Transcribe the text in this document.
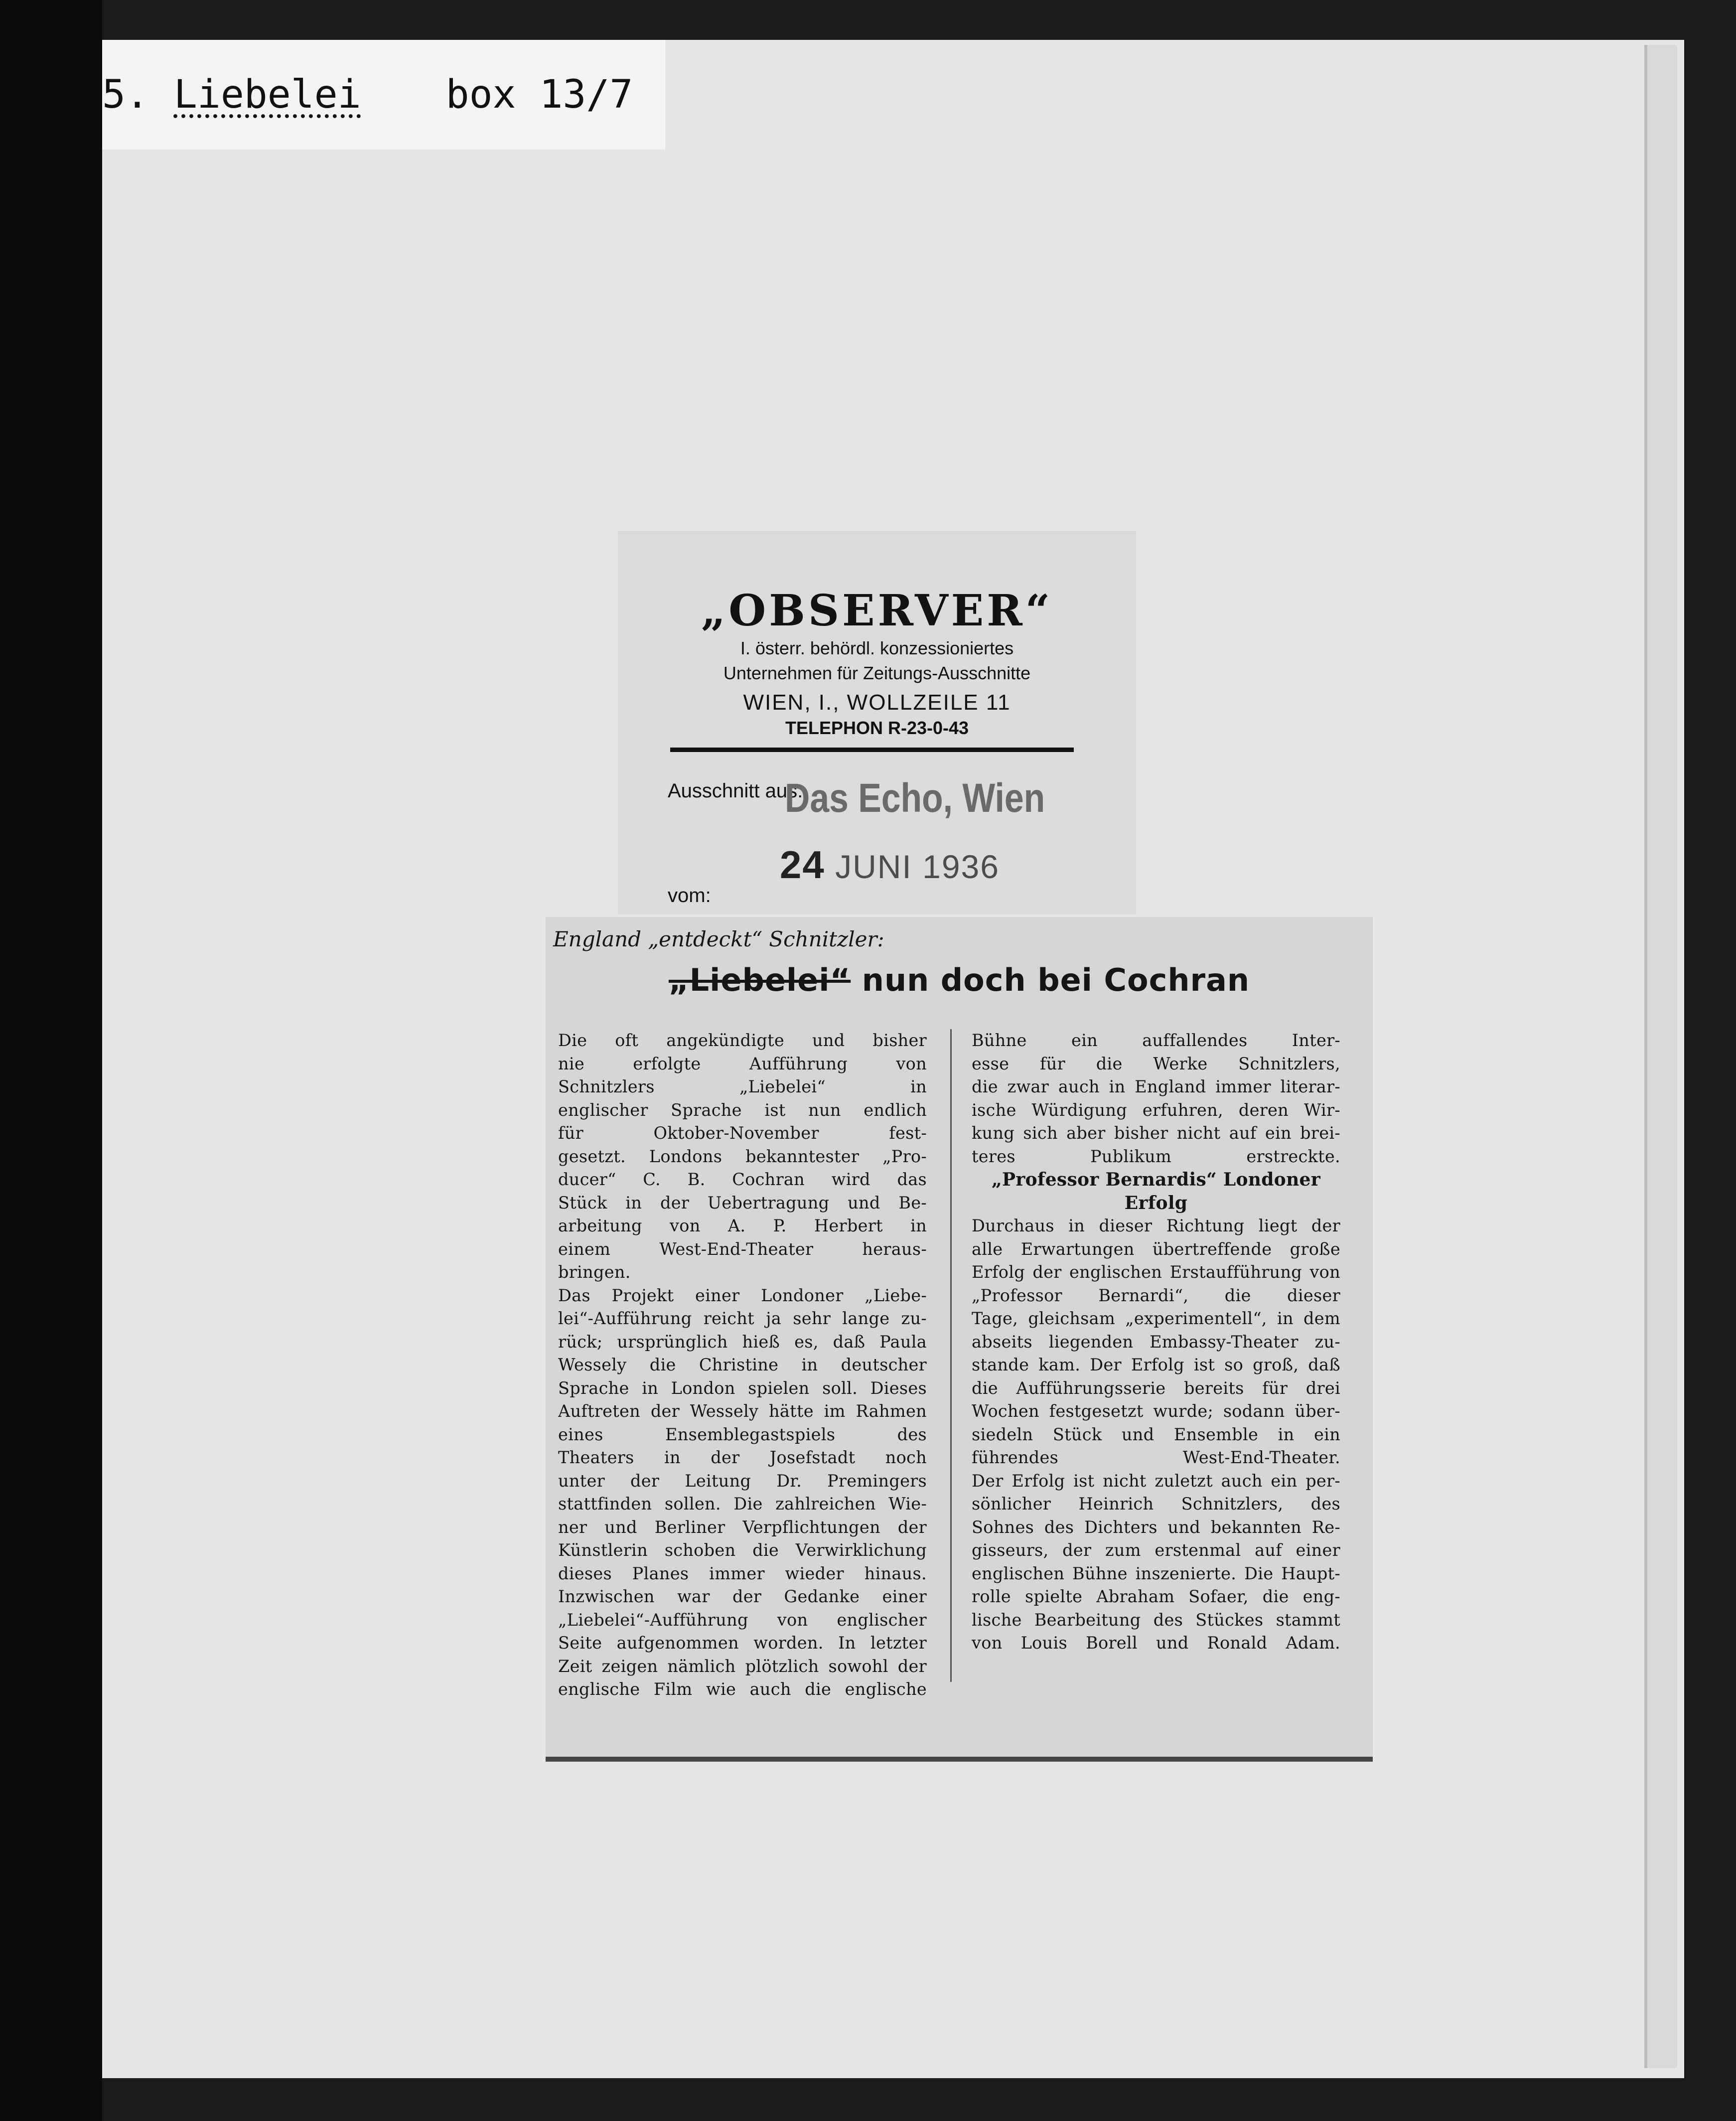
5. Liebelei box 13/7
„OBSERVER“
I. österr. behördl. konzessioniertes
Unternehmen für Zeitungs-Ausschnitte
WIEN, I., WOLLZEILE 11
TELEPHON R-23-0-43
Ausschnitt aus:
Das Echo, Wien
24 JUNI 1936
vom:
England „entdeckt“ Schnitzler:
„Liebelei“ nun doch bei Cochran
Die oft angekündigte und bisher
nie erfolgte Aufführung von
Schnitzlers „Liebelei“ in
englischer Sprache ist nun endlich
für Oktober-November fest-
gesetzt. Londons bekanntester „Pro-
ducer“ C. B. Cochran wird das
Stück in der Uebertragung und Be-
arbeitung von A. P. Herbert in
einem West-End-Theater heraus-
bringen.
Das Projekt einer Londoner „Liebe-
lei“-Aufführung reicht ja sehr lange zu-
rück; ursprünglich hieß es, daß Paula
Wessely die Christine in deutscher
Sprache in London spielen soll. Dieses
Auftreten der Wessely hätte im Rahmen
eines Ensemblegastspiels des
Theaters in der Josefstadt noch
unter der Leitung Dr. Premingers
stattfinden sollen. Die zahlreichen Wie-
ner und Berliner Verpflichtungen der
Künstlerin schoben die Verwirklichung
dieses Planes immer wieder hinaus.
Inzwischen war der Gedanke einer
„Liebelei“-Aufführung von englischer
Seite aufgenommen worden. In letzter
Zeit zeigen nämlich plötzlich sowohl der
englische Film wie auch die englische
Bühne ein auffallendes Inter-
esse für die Werke Schnitzlers,
die zwar auch in England immer literar-
ische Würdigung erfuhren, deren Wir-
kung sich aber bisher nicht auf ein brei-
teres Publikum erstreckte.
„Professor Bernardis“ Londoner
Erfolg
Durchaus in dieser Richtung liegt der
alle Erwartungen übertreffende große
Erfolg der englischen Erstaufführung von
„Professor Bernardi“, die dieser
Tage, gleichsam „experimentell“, in dem
abseits liegenden Embassy-Theater zu-
stande kam. Der Erfolg ist so groß, daß
die Aufführungsserie bereits für drei
Wochen festgesetzt wurde; sodann über-
siedeln Stück und Ensemble in ein
führendes West-End-Theater.
Der Erfolg ist nicht zuletzt auch ein per-
sönlicher Heinrich Schnitzlers, des
Sohnes des Dichters und bekannten Re-
gisseurs, der zum erstenmal auf einer
englischen Bühne inszenierte. Die Haupt-
rolle spielte Abraham Sofaer, die eng-
lische Bearbeitung des Stückes stammt
von Louis Borell und Ronald Adam.
